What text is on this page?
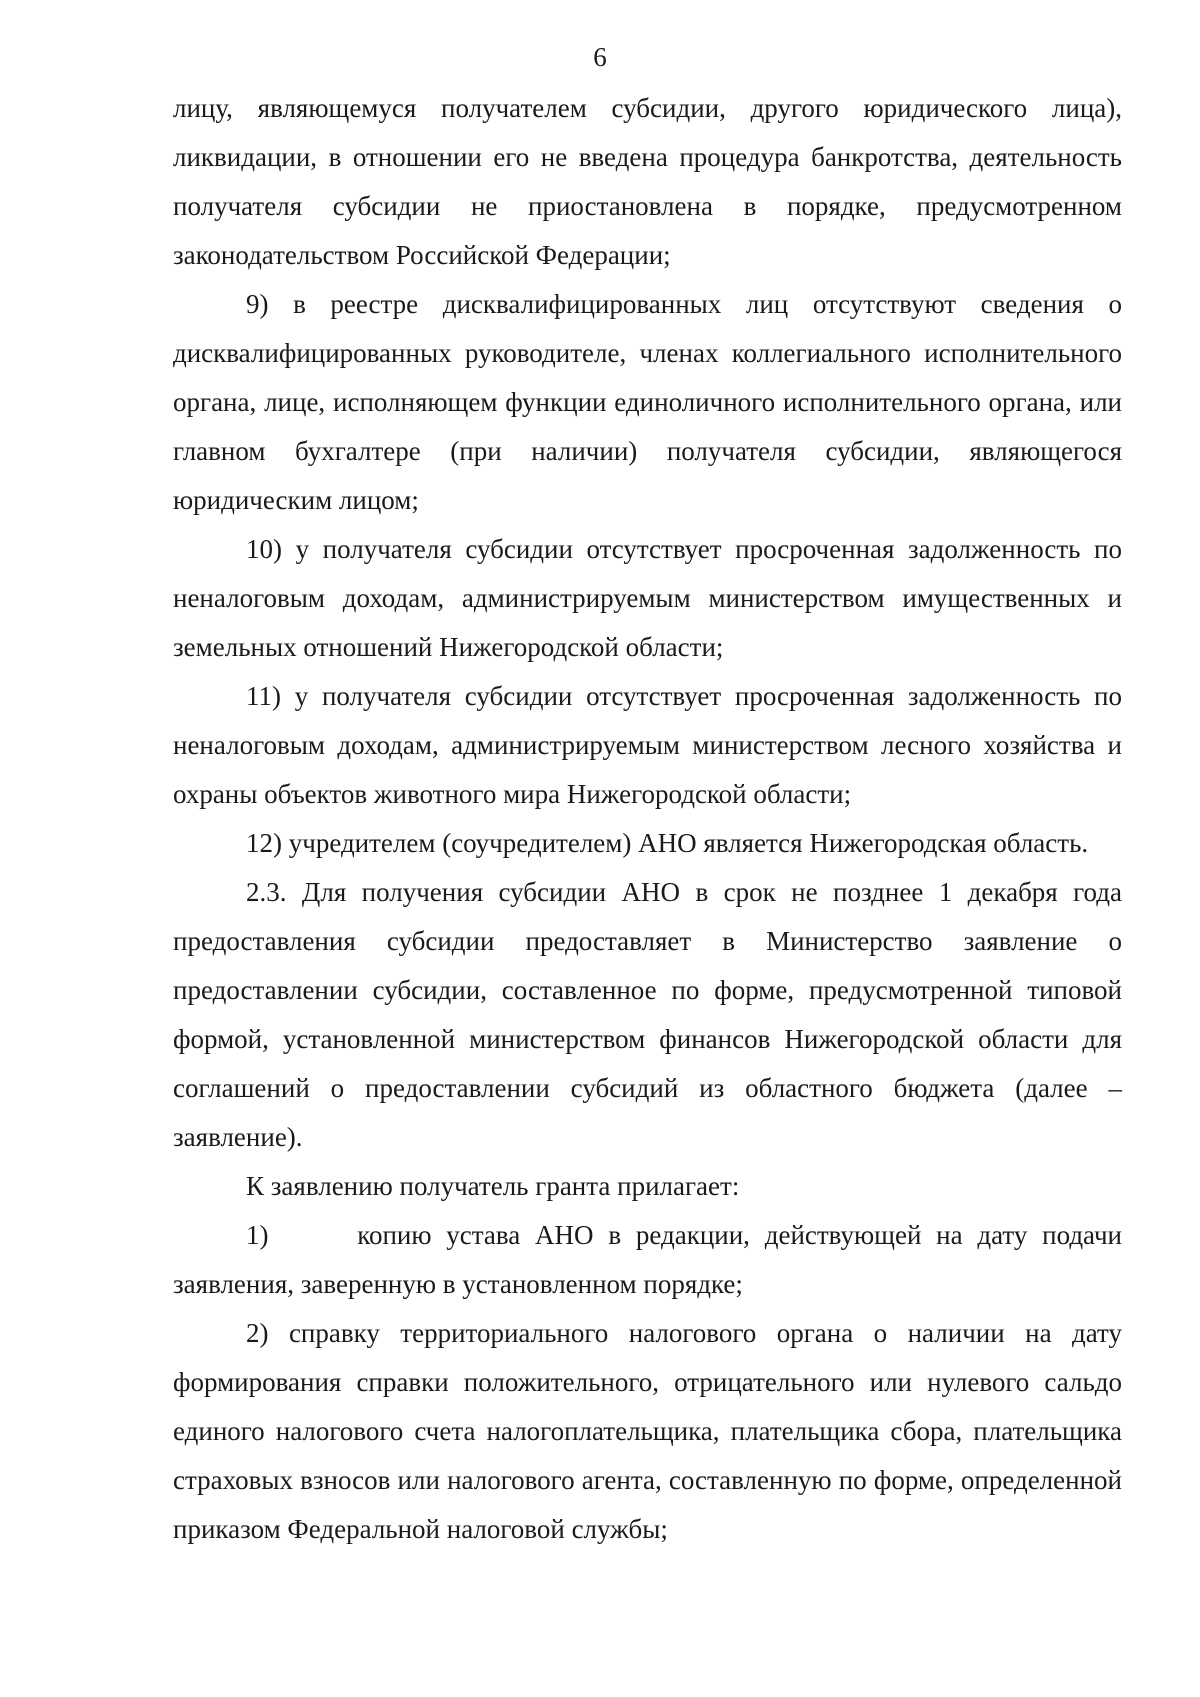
6

лицу, являющемуся получателем субсидии, другого юридического лица), ликвидации, в отношении его не введена процедура банкротства, деятельность получателя субсидии не приостановлена в порядке, предусмотренном законодательством Российской Федерации;

9) в реестре дисквалифицированных лиц отсутствуют сведения о дисквалифицированных руководителе, членах коллегиального исполнительного органа, лице, исполняющем функции единоличного исполнительного органа, или главном бухгалтере (при наличии) получателя субсидии, являющегося юридическим лицом;

10) у получателя субсидии отсутствует просроченная задолженность по неналоговым доходам, администрируемым министерством имущественных и земельных отношений Нижегородской области;

11) у получателя субсидии отсутствует просроченная задолженность по неналоговым доходам, администрируемым министерством лесного хозяйства и охраны объектов животного мира Нижегородской области;

12) учредителем (соучредителем) АНО является Нижегородская область.

2.3. Для получения субсидии АНО в срок не позднее 1 декабря года предоставления субсидии предоставляет в Министерство заявление о предоставлении субсидии, составленное по форме, предусмотренной типовой формой, установленной министерством финансов Нижегородской области для соглашений о предоставлении субсидий из областного бюджета (далее – заявление).

К заявлению получатель гранта прилагает:

1)      копию устава АНО в редакции, действующей на дату подачи заявления, заверенную в установленном порядке;

2) справку территориального налогового органа о наличии на дату формирования справки положительного, отрицательного или нулевого сальдо единого налогового счета налогоплательщика, плательщика сбора, плательщика страховых взносов или налогового агента, составленную по форме, определенной приказом Федеральной налоговой службы;
